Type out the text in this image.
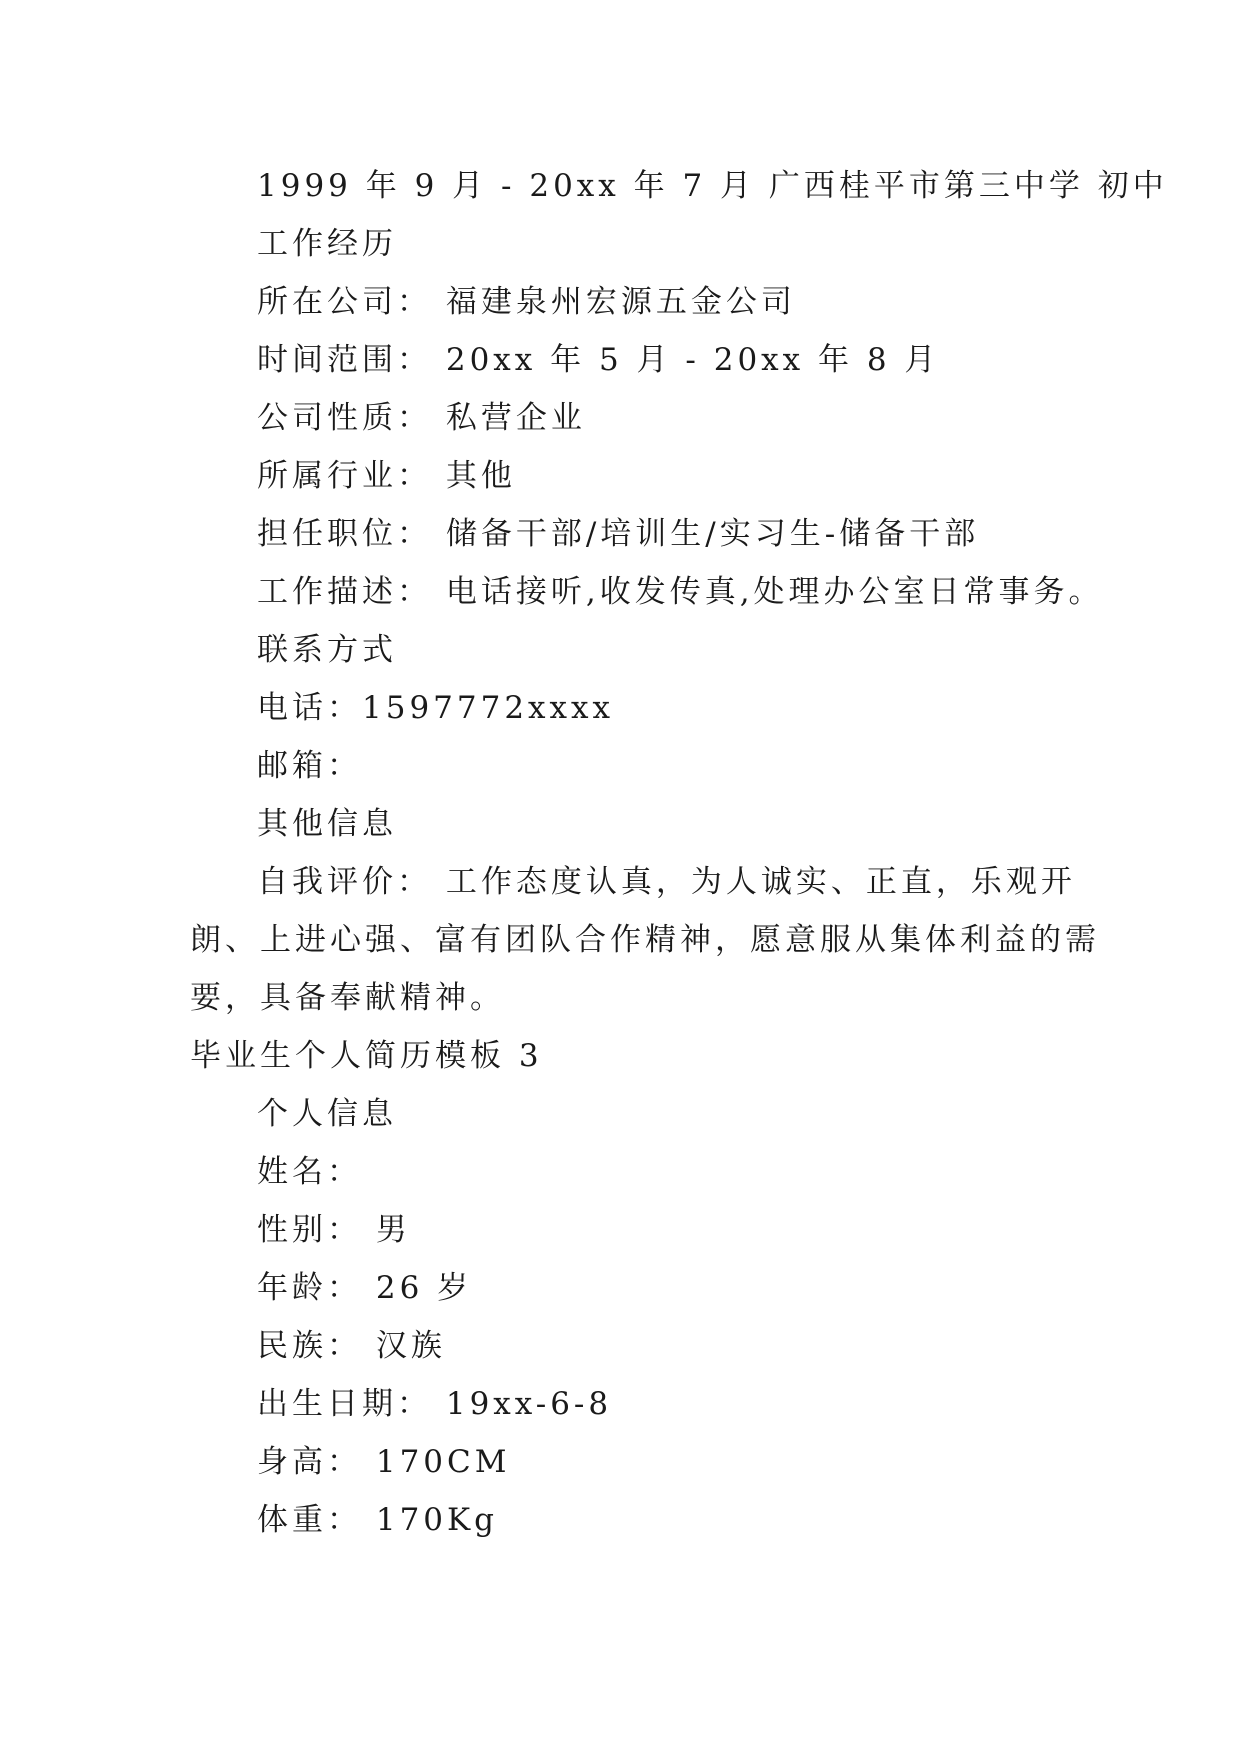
1999 年 9 月 - 20xx 年 7 月 广西桂平市第三中学 初中
工作经历
所在公司： 福建泉州宏源五金公司
时间范围： 20xx 年 5 月 - 20xx 年 8 月
公司性质： 私营企业
所属行业： 其他
担任职位： 储备干部/培训生/实习生-储备干部
工作描述： 电话接听,收发传真,处理办公室日常事务。
联系方式
电话：1597772xxxx
邮箱：
其他信息
自我评价： 工作态度认真，为人诚实、正直，乐观开
朗、上进心强、富有团队合作精神，愿意服从集体利益的需
要，具备奉献精神。
毕业生个人简历模板 3
个人信息
姓名：
性别： 男
年龄： 26 岁
民族： 汉族
出生日期： 19xx-6-8
身高： 170CM
体重： 170Kg
